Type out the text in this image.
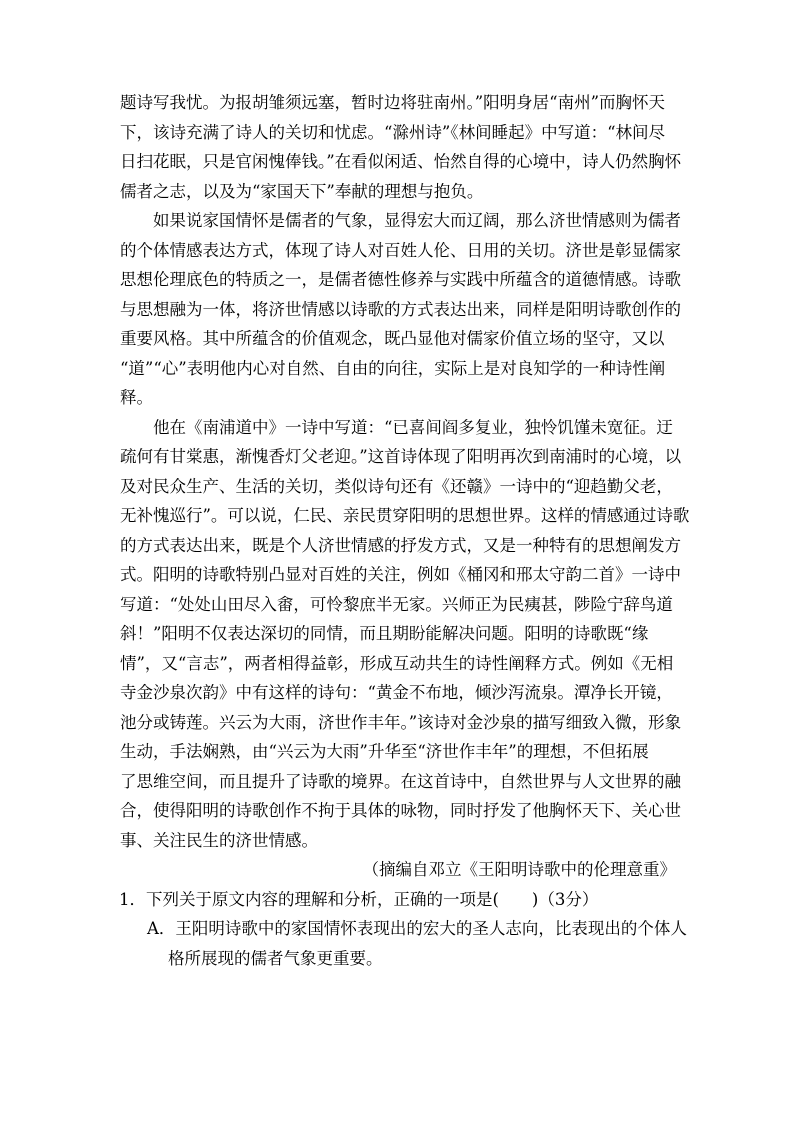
题诗写我忧。为报胡雏须远塞，暂时边将驻南州。”阳明身居“南州”而胸怀天
下，该诗充满了诗人的关切和忧虑。“滁州诗”《林间睡起》中写道：“林间尽
日扫花眠，只是官闲愧俸钱。”在看似闲适、怡然自得的心境中，诗人仍然胸怀
儒者之志，以及为“家国天下”奉献的理想与抱负。
如果说家国情怀是儒者的气象，显得宏大而辽阔，那么济世情感则为儒者
的个体情感表达方式，体现了诗人对百姓人伦、日用的关切。济世是彰显儒家
思想伦理底色的特质之一，是儒者德性修养与实践中所蕴含的道德情感。诗歌
与思想融为一体，将济世情感以诗歌的方式表达出来，同样是阳明诗歌创作的
重要风格。其中所蕴含的价值观念，既凸显他对儒家价值立场的坚守，又以
“道”“心”表明他内心对自然、自由的向往，实际上是对良知学的一种诗性阐
释。
他在《南浦道中》一诗中写道：“已喜间阎多复业，独怜饥馑未宽征。迂
疏何有甘棠惠，渐愧香灯父老迎。”这首诗体现了阳明再次到南浦时的心境，以
及对民众生产、生活的关切，类似诗句还有《还赣》一诗中的“迎趋勤父老，
无补愧巡行”。可以说，仁民、亲民贯穿阳明的思想世界。这样的情感通过诗歌
的方式表达出来，既是个人济世情感的抒发方式，又是一种特有的思想阐发方
式。阳明的诗歌特别凸显对百姓的关注，例如《桶冈和邢太守韵二首》一诗中
写道：“处处山田尽入畬，可怜黎庶半无家。兴师正为民痍甚，陟险宁辞鸟道
斜！”阳明不仅表达深切的同情，而且期盼能解决问题。阳明的诗歌既“缘
情”，又“言志”，两者相得益彰，形成互动共生的诗性阐释方式。例如《无相
寺金沙泉次韵》中有这样的诗句：“黄金不布地，倾沙泻流泉。潭净长开镜，
池分或铸莲。兴云为大雨，济世作丰年。”该诗对金沙泉的描写细致入微，形象
生动，手法娴熟，由“兴云为大雨”升华至“济世作丰年”的理想，不但拓展
了思维空间，而且提升了诗歌的境界。在这首诗中，自然世界与人文世界的融
合，使得阳明的诗歌创作不拘于具体的咏物，同时抒发了他胸怀天下、关心世
事、关注民生的济世情感。
（摘编自邓立《王阳明诗歌中的伦理意重》
1．下列关于原文内容的理解和分析，正确的一项是(　　)（3分）
A．王阳明诗歌中的家国情怀表现出的宏大的圣人志向，比表现出的个体人
格所展现的儒者气象更重要。
